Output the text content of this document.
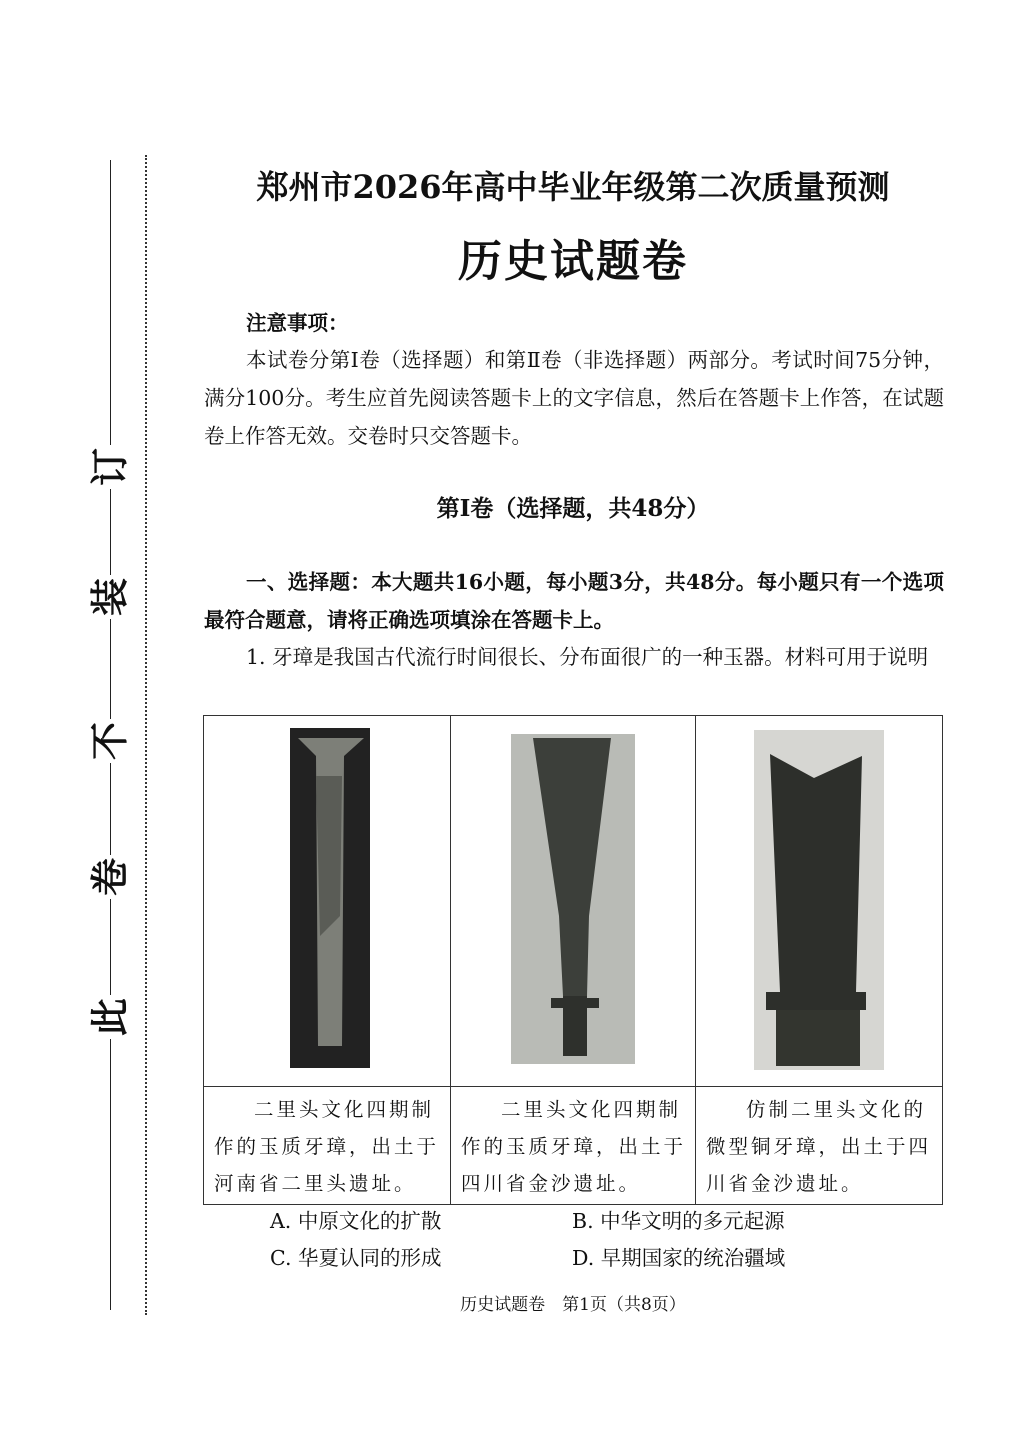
订
装
不
卷
此
郑州市2026年高中毕业年级第二次质量预测
历史试题卷
注意事项：
本试卷分第Ⅰ卷（选择题）和第Ⅱ卷（非选择题）两部分。考试时间75分钟，满分100分。考生应首先阅读答题卡上的文字信息，然后在答题卡上作答，在试题卷上作答无效。交卷时只交答题卡。
第Ⅰ卷（选择题，共48分）
一、选择题：本大题共16小题，每小题3分，共48分。每小题只有一个选项最符合题意，请将正确选项填涂在答题卡上。
1. 牙璋是我国古代流行时间很长、分布面很广的一种玉器。材料可用于说明

二里头文化四期制作的玉质牙璋，出土于河南省二里头遗址。	二里头文化四期制作的玉质牙璋，出土于四川省金沙遗址。	仿制二里头文化的微型铜牙璋，出土于四川省金沙遗址。
A. 中原文化的扩散	B. 中华文明的多元起源
C. 华夏认同的形成	D. 早期国家的统治疆域
历史试题卷　第1页（共8页）
